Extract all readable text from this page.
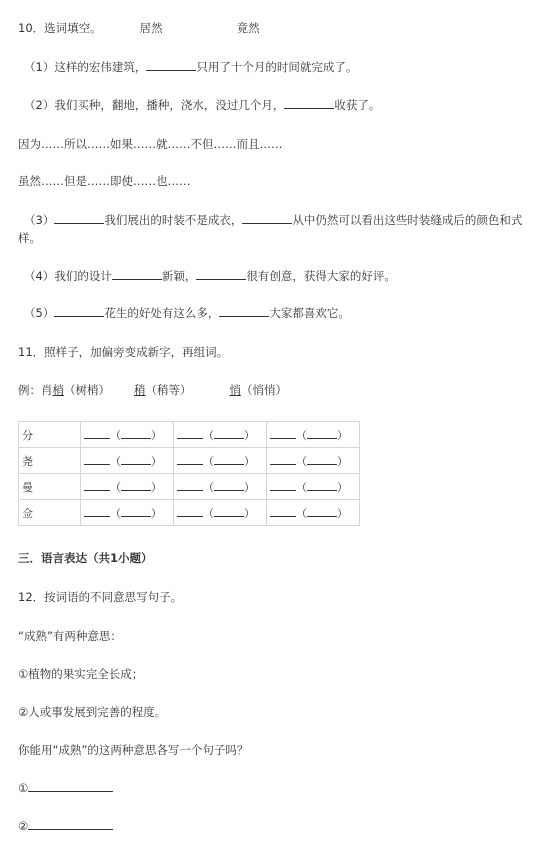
10．选词填空。	居然	竟然
（1）这样的宏伟建筑，	只用了十个月的时间就完成了。
（2）我们买种，翻地，播种，浇水，没过几个月，	收获了。
因为……所以……如果……就……不但……而且……
虽然……但是……即使……也……
（3）	我们展出的时装不是成衣，	从中仍然可以看出这些时装缝成后的颜色和式
样。
（4）我们的设计	新颖，	很有创意，获得大家的好评。
（5）	花生的好处有这么多，	大家都喜欢它。
11．照样子，加偏旁变成新字，再组词。
例：肖梢（树梢） 稍（稍等）	悄（悄悄）
分	（ ）	（ ）	（ ）
尧	（ ）	（ ）	（ ）
曼	（ ）	（ ）	（ ）
佥	（ ）	（ ）	（ ）
三．语言表达（共1小题）
12．按词语的不同意思写句子。
“成熟”有两种意思：
①植物的果实完全长成；
②人或事发展到完善的程度。
你能用“成熟”的这两种意思各写一个句子吗？
①
②
